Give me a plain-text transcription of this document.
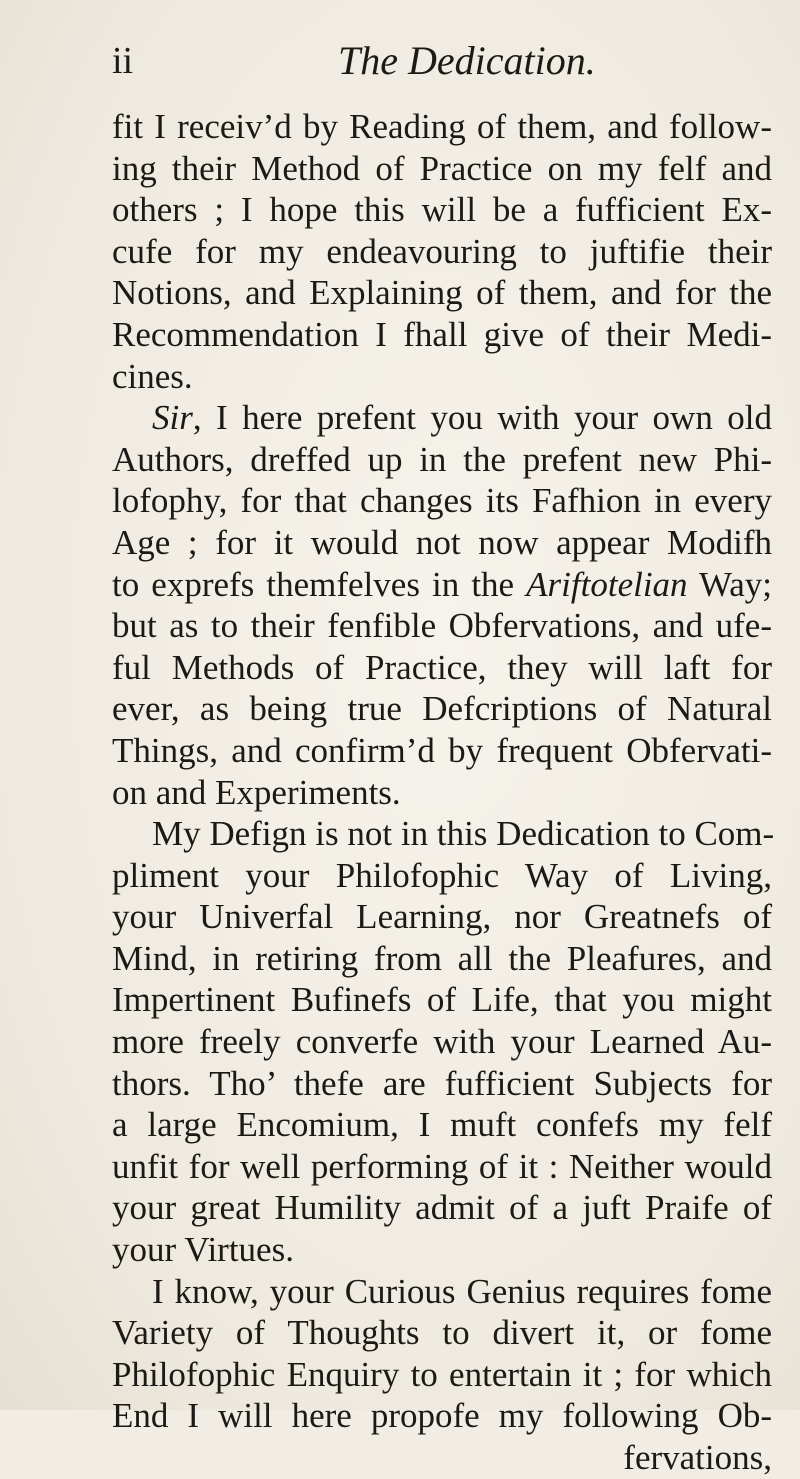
ii	The Dedication.
fit I receiv’d by Reading of them, and follow-
ing their Method of Practice on my felf and
others ; I hope this will be a fufficient Ex-
cufe for my endeavouring to juftifie their
Notions, and Explaining of them, and for the
Recommendation I fhall give of their Medi-
cines.
Sir, I here prefent you with your own old
Authors, dreffed up in the prefent new Phi-
lofophy, for that changes its Fafhion in every
Age ; for it would not now appear Modifh
to exprefs themfelves in the Ariftotelian Way;
but as to their fenfible Obfervations, and ufe-
ful Methods of Practice, they will laft for
ever, as being true Defcriptions of Natural
Things, and confirm’d by frequent Obfervati-
on and Experiments.
My Defign is not in this Dedication to Com-
pliment your Philofophic Way of Living,
your Univerfal Learning, nor Greatnefs of
Mind, in retiring from all the Pleafures, and
Impertinent Bufinefs of Life, that you might
more freely converfe with your Learned Au-
thors. Tho’ thefe are fufficient Subjects for
a large Encomium, I muft confefs my felf
unfit for well performing of it : Neither would
your great Humility admit of a juft Praife of
your Virtues.
I know, your Curious Genius requires fome
Variety of Thoughts to divert it, or fome
Philofophic Enquiry to entertain it ; for which
End I will here propofe my following Ob-
fervations,
